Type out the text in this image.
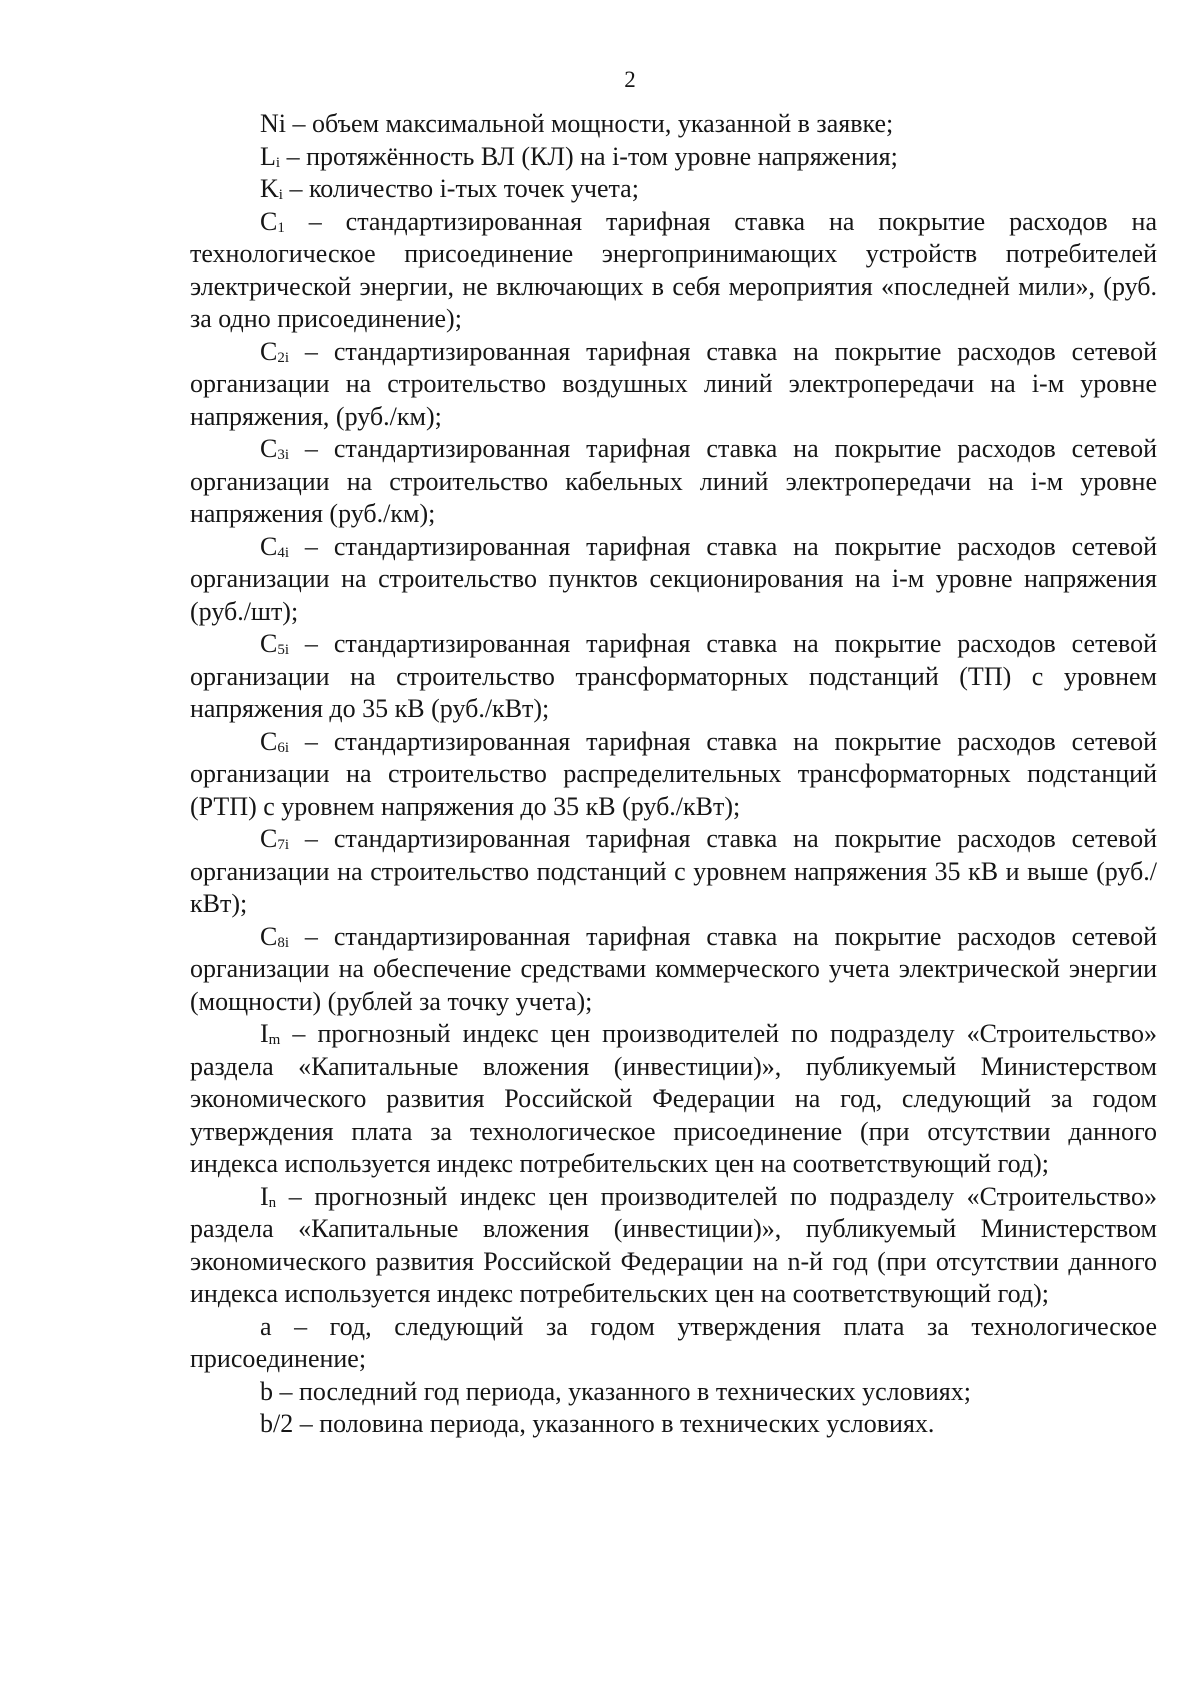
2

Ni – объем максимальной мощности, указанной в заявке;

$L_i$ – протяжённость ВЛ (КЛ) на i-том уровне напряжения;

$K_i$ – количество i-тых точек учета;

$C_1$ – стандартизированная тарифная ставка на покрытие расходов на технологическое присоединение энергопринимающих устройств потребителей электрической энергии, не включающих в себя мероприятия «последней мили», (руб. за одно присоединение);

$C_{2i}$ – стандартизированная тарифная ставка на покрытие расходов сетевой организации на строительство воздушных линий электропередачи на i-м уровне напряжения, (руб./км);

$C_{3i}$ – стандартизированная тарифная ставка на покрытие расходов сетевой организации на строительство кабельных линий электропередачи на i-м уровне напряжения (руб./км);

$C_{4i}$ – стандартизированная тарифная ставка на покрытие расходов сетевой организации на строительство пунктов секционирования на i-м уровне напряжения (руб./шт);

$C_{5i}$ – стандартизированная тарифная ставка на покрытие расходов сетевой организации на строительство трансформаторных подстанций (ТП) с уровнем напряжения до 35 кВ (руб./кВт);

$C_{6i}$ – стандартизированная тарифная ставка на покрытие расходов сетевой организации на строительство распределительных трансформаторных подстанций (РТП) с уровнем напряжения до 35 кВ (руб./кВт);

$C_{7i}$ – стандартизированная тарифная ставка на покрытие расходов сетевой организации на строительство подстанций с уровнем напряжения 35 кВ и выше (руб./кВт);

$C_{8i}$ – стандартизированная тарифная ставка на покрытие расходов сетевой организации на обеспечение средствами коммерческого учета электрической энергии (мощности) (рублей за точку учета);

$I_m$ – прогнозный индекс цен производителей по подразделу «Строительство» раздела «Капитальные вложения (инвестиции)», публикуемый Министерством экономического развития Российской Федерации на год, следующий за годом утверждения плата за технологическое присоединение (при отсутствии данного индекса используется индекс потребительских цен на соответствующий год);

$I_n$ – прогнозный индекс цен производителей по подразделу «Строительство» раздела «Капитальные вложения (инвестиции)», публикуемый Министерством экономического развития Российской Федерации на n-й год (при отсутствии данного индекса используется индекс потребительских цен на соответствующий год);

a – год, следующий за годом утверждения плата за технологическое присоединение;

b – последний год периода, указанного в технических условиях;

b/2 – половина периода, указанного в технических условиях.
